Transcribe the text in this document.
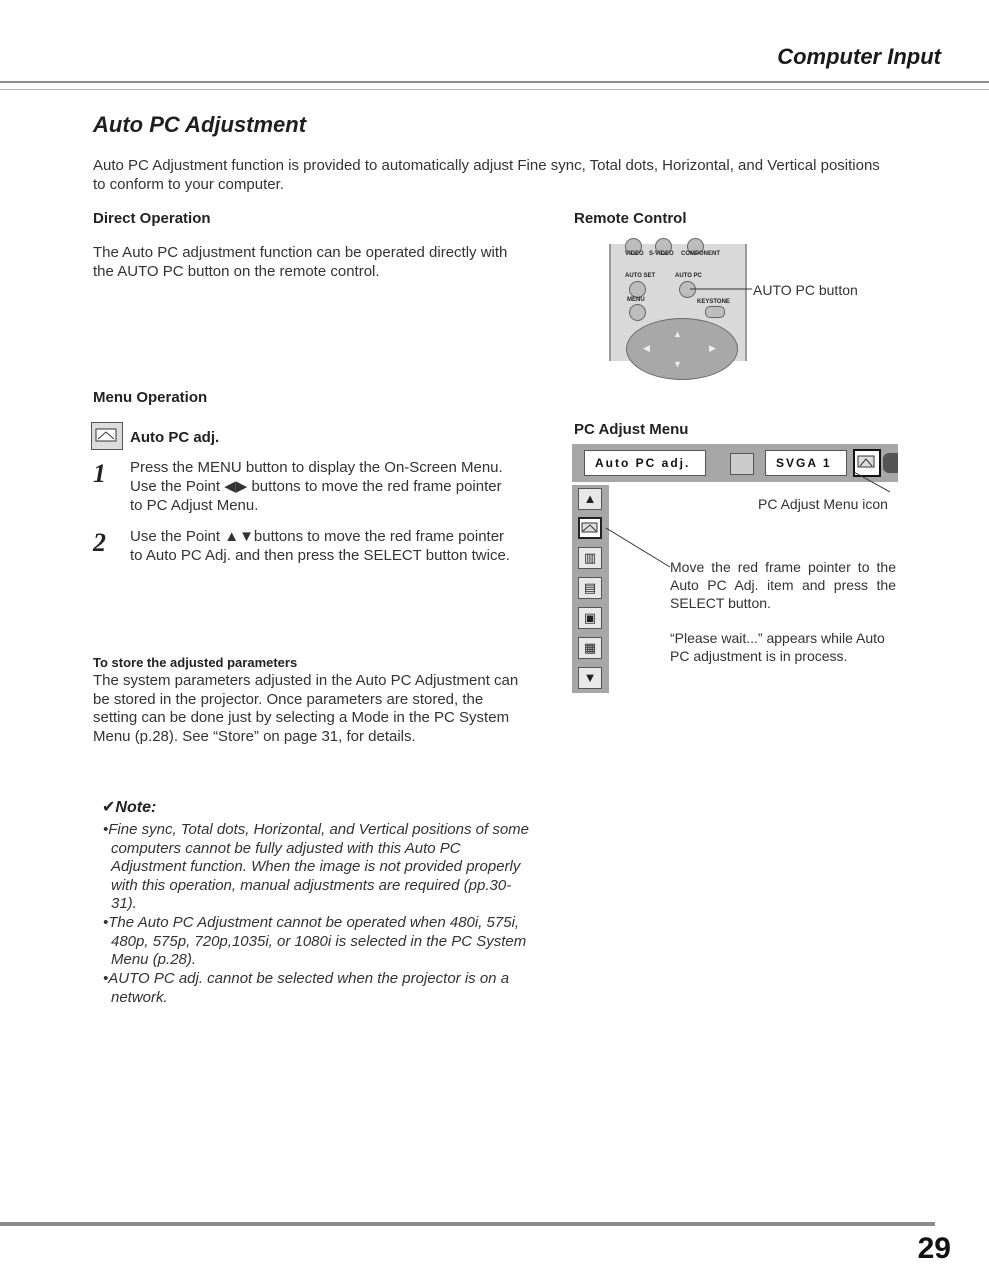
Computer Input
Auto PC Adjustment
Auto PC Adjustment function is provided to automatically adjust Fine sync, Total dots, Horizontal, and Vertical positions to conform to your computer.
Direct Operation
The Auto PC adjustment function can be operated directly with the AUTO PC button on the remote control.
Remote Control
VIDEO S-VIDEO COMPONENT
AUTO SET	AUTO PC
MENU	KEYSTONE
▲
◀	▶
▼
AUTO PC button
Menu Operation
Auto PC adj.
1 Press the MENU button to display the On-Screen Menu. Use the Point ◀▶ buttons to move the red frame pointer to PC Adjust Menu.
2 Use the Point ▲▼buttons to move the red frame pointer to Auto PC Adj. and then press the SELECT button twice.
PC Adjust Menu
Auto PC adj.	SVGA 1
PC Adjust Menu icon
▲
▥
▤
▣
▦
▼
Move the red frame pointer to the Auto PC Adj. item and press the SELECT button.
“Please wait...” appears while Auto PC adjustment is in process.
To store the adjusted parameters
The system parameters adjusted in the Auto PC Adjustment can be stored in the projector. Once parameters are stored, the setting can be done just by selecting a Mode in the PC System Menu (p.28). See “Store” on page 31, for details.
✔Note:
•Fine sync, Total dots, Horizontal, and Vertical positions of some computers cannot be fully adjusted with this Auto PC Adjustment function. When the image is not provided properly with this operation, manual adjustments are required (pp.30-31).
•The Auto PC Adjustment cannot be operated when 480i, 575i, 480p, 575p, 720p,1035i, or 1080i is selected in the PC System Menu (p.28).
•AUTO PC adj. cannot be selected when the projector is on a network.
29
